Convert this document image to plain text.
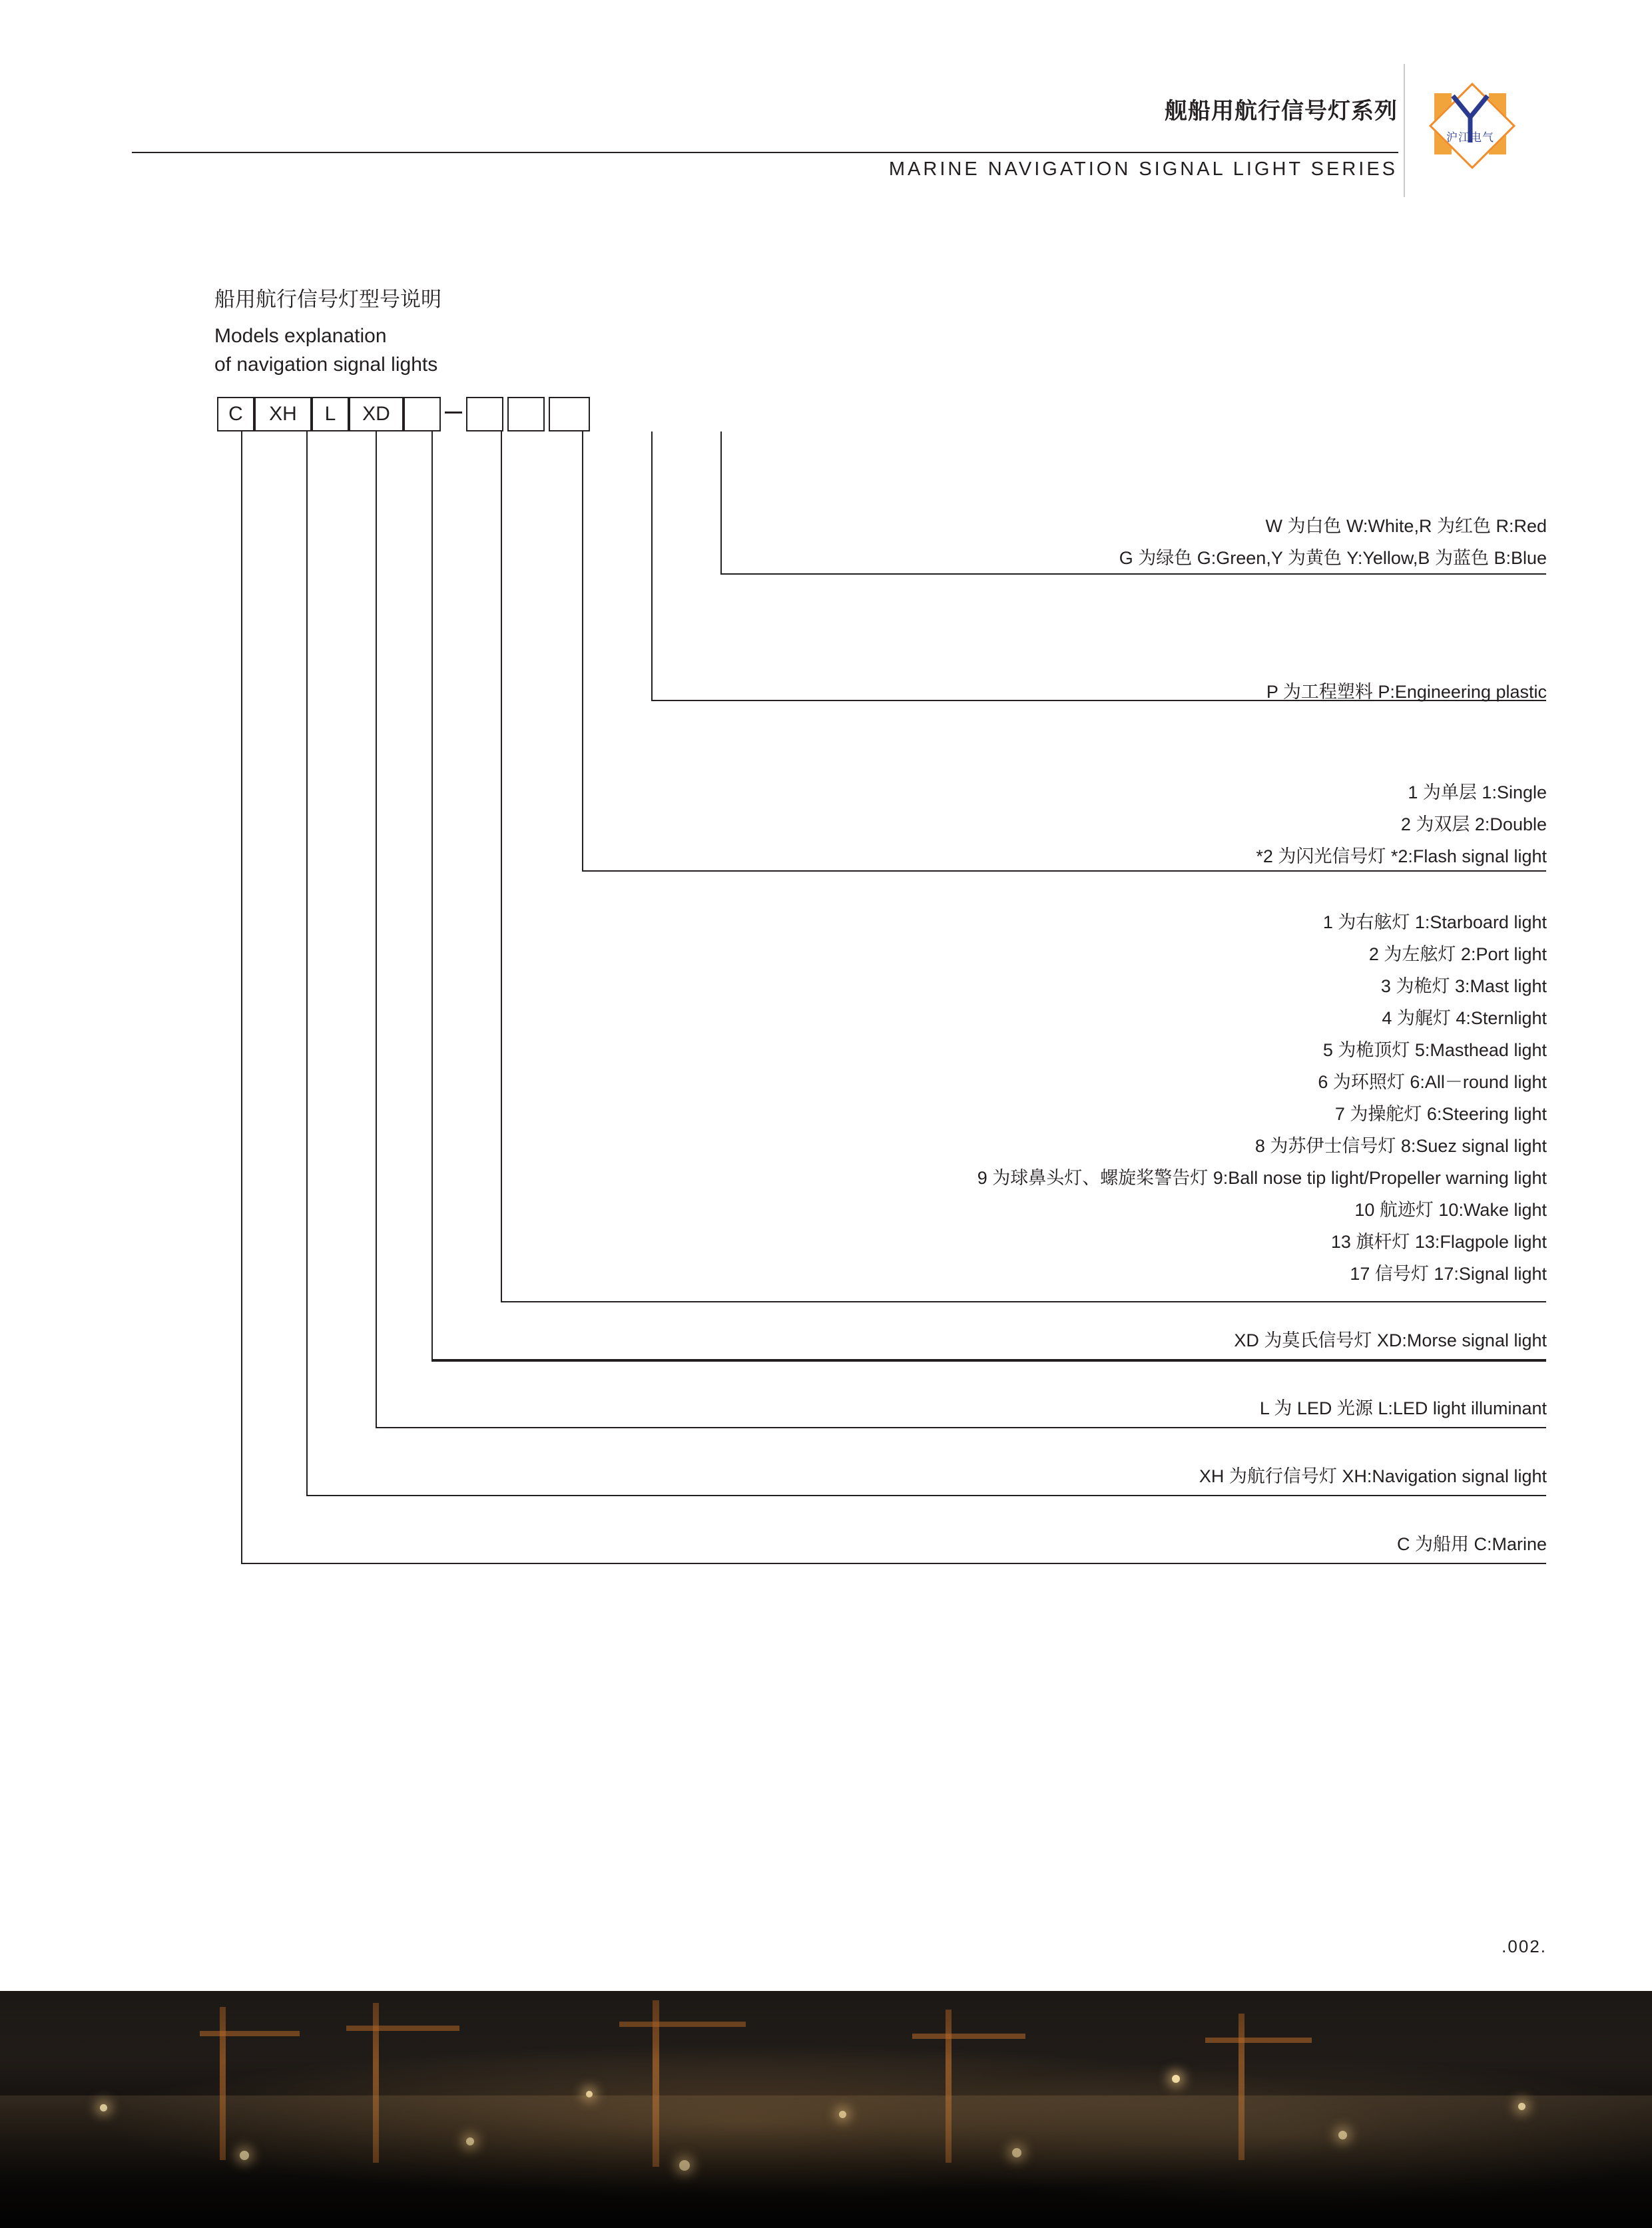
舰船用航行信号灯系列
MARINE NAVIGATION SIGNAL LIGHT SERIES
沪江电气
船用航行信号灯型号说明
Models explanation
of navigation signal lights
C	XH	L	XD
W 为白色 W:White,R 为红色 R:Red
G 为绿色 G:Green,Y 为黄色 Y:Yellow,B 为蓝色 B:Blue
P 为工程塑料 P:Engineering plastic
1 为单层 1:Single
2 为双层 2:Double
*2 为闪光信号灯 *2:Flash signal light
1 为右舷灯 1:Starboard light
2 为左舷灯 2:Port light
3 为桅灯 3:Mast light
4 为艉灯 4:Sternlight
5 为桅顶灯 5:Masthead light
6 为环照灯 6:All－round light
7 为操舵灯 6:Steering light
8 为苏伊士信号灯 8:Suez signal light
9 为球鼻头灯、螺旋桨警告灯 9:Ball nose tip light/Propeller warning light
10 航迹灯 10:Wake light
13 旗杆灯 13:Flagpole light
17 信号灯 17:Signal light
XD 为莫氏信号灯 XD:Morse signal light
L 为 LED 光源 L:LED light illuminant
XH 为航行信号灯 XH:Navigation signal light
C 为船用 C:Marine
.002.
